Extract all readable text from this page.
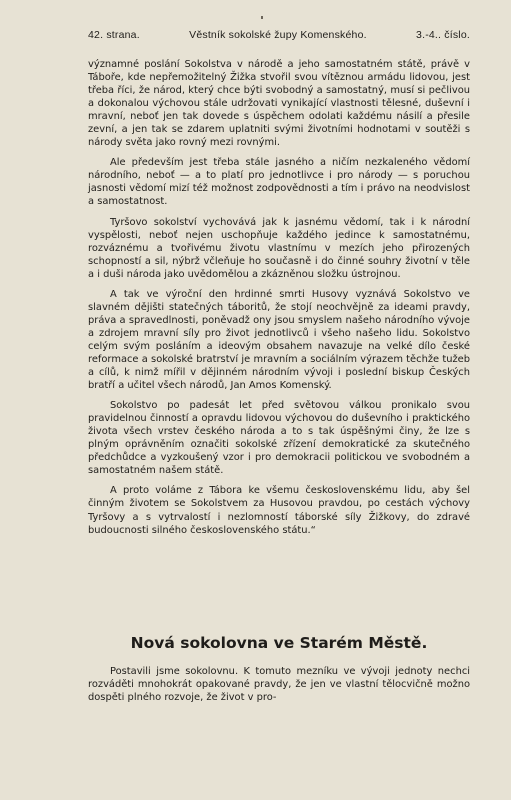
42. strana.	Věstník sokolské župy Komenského.	3.-4.. číslo.

významné poslání Sokolstva v národě a jeho samostatném státě, právě v Táboře, kde nepřemožitelný Žižka stvořil svou vítěznou armádu lidovou, jest třeba říci, že národ, který chce býti svobodný a samostatný, musí si pečlivou a dokonalou výchovou stále udržovati vynikající vlastnosti tělesné, duševní i mravní, neboť jen tak dovede s úspěchem odolati každému násilí a přesile zevní, a jen tak se zdarem uplatniti svými životními hodnotami v soutěži s národy světa jako rovný mezi rovnými.

Ale především jest třeba stále jasného a ničím nezkaleného vědomí národního, neboť — a to platí pro jednotlivce i pro národy — s poruchou jasnosti vědomí mizí též možnost zodpovědnosti a tím i právo na neodvislost a samostatnost.

Tyršovo sokolství vychovává jak k jasnému vědomí, tak i k národní vyspělosti, neboť nejen uschopňuje každého jedince k samostatnému, rozváznému a tvořivému životu vlastnímu v mezích jeho přirozených schopností a sil, nýbrž včleňuje ho současně i do činné souhry životní v těle a i duši národa jako uvědomělou a zkázněnou složku ústrojnou.

A tak ve výroční den hrdinné smrti Husovy vyznává Sokolstvo ve slavném dějišti statečných táboritů, že stojí neochvějně za ideami pravdy, práva a spravedlnosti, poněvadž ony jsou smyslem našeho národního vývoje a zdrojem mravní síly pro život jednotlivců i všeho našeho lidu. Sokolstvo celým svým posláním a ideovým obsahem navazuje na velké dílo české reformace a sokolské bratrství je mravním a sociálním výrazem těchže tužeb a cílů, k nimž mířil v dějinném národním vývoji i poslední biskup Českých bratří a učitel všech národů, Jan Amos Komenský.

Sokolstvo po padesát let před světovou válkou pronikalo svou pravidelnou činností a opravdu lidovou výchovou do duševního i praktického života všech vrstev českého národa a to s tak úspěšnými činy, že lze s plným oprávněním označiti sokolské zřízení demokratické za skutečného předchůdce a vyzkoušený vzor i pro demokracii politickou ve svobodném a samostatném našem státě.

A proto voláme z Tábora ke všemu československému lidu, aby šel činným životem se Sokolstvem za Husovou pravdou, po cestách výchovy Tyršovy a s vytrvalostí i nezlomností táborské síly Žižkovy, do zdravé budoucnosti silného československého státu.“

Nová sokolovna ve Starém Městě.

Postavili jsme sokolovnu. K tomuto mezníku ve vývoji jednoty nechci rozváděti mnohokrát opakované pravdy, že jen ve vlastní tělocvičně možno dospěti plného rozvoje, že život v pro-
